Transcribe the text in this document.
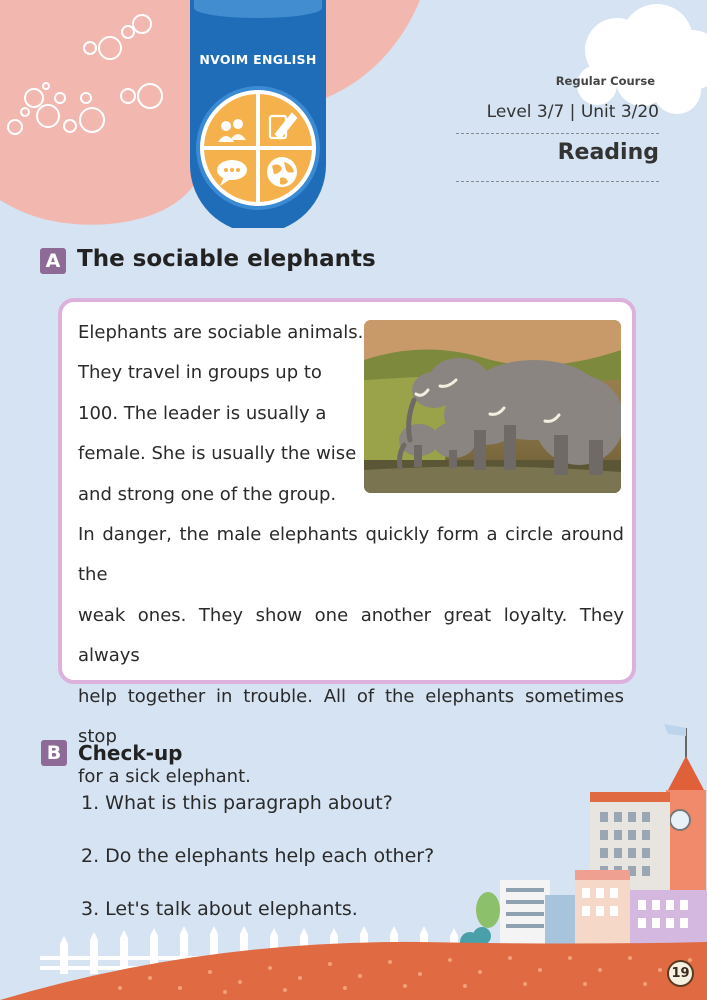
NVOIM ENGLISH
Regular Course
Level 3/7 | Unit 3/20
Reading
A The sociable elephants

Elephants are sociable animals.

They travel in groups up to

100. The leader is usually a

female. She is usually the wise

and strong one of the group.

In danger, the male elephants quickly form a circle around the

weak ones. They show one another great loyalty. They always

help together in trouble. All of the elephants sometimes stop

for a sick elephant.

B Check-up
1. What is this paragraph about?
2. Do the elephants help each other?
3. Let's talk about elephants.
19
